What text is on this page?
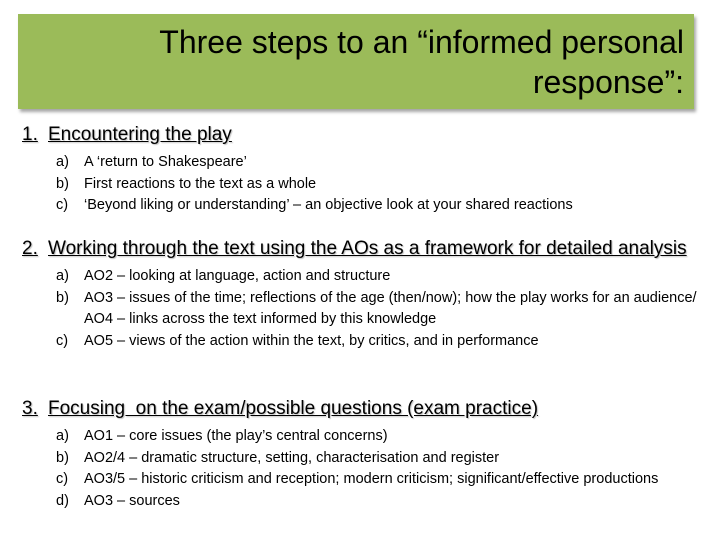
Three steps to an “informed personal
response”:
1. Encountering the play
a)	A ‘return to Shakespeare’
b)	First reactions to the text as a whole
c)	‘Beyond liking or understanding’ – an objective look at your shared reactions
2. Working through the text using the AOs as a framework for detailed analysis
a)	AO2 – looking at language, action and structure
b)	AO3 – issues of the time; reflections of the age (then/now); how the play works for an audience/ AO4 – links across the text informed by this knowledge
c)	AO5 – views of the action within the text, by critics, and in performance
3. Focusing  on the exam/possible questions (exam practice)
a)	AO1 – core issues (the play’s central concerns)
b)	AO2/4 – dramatic structure, setting, characterisation and register
c)	AO3/5 – historic criticism and reception; modern criticism; significant/effective productions
d)	AO3 – sources
